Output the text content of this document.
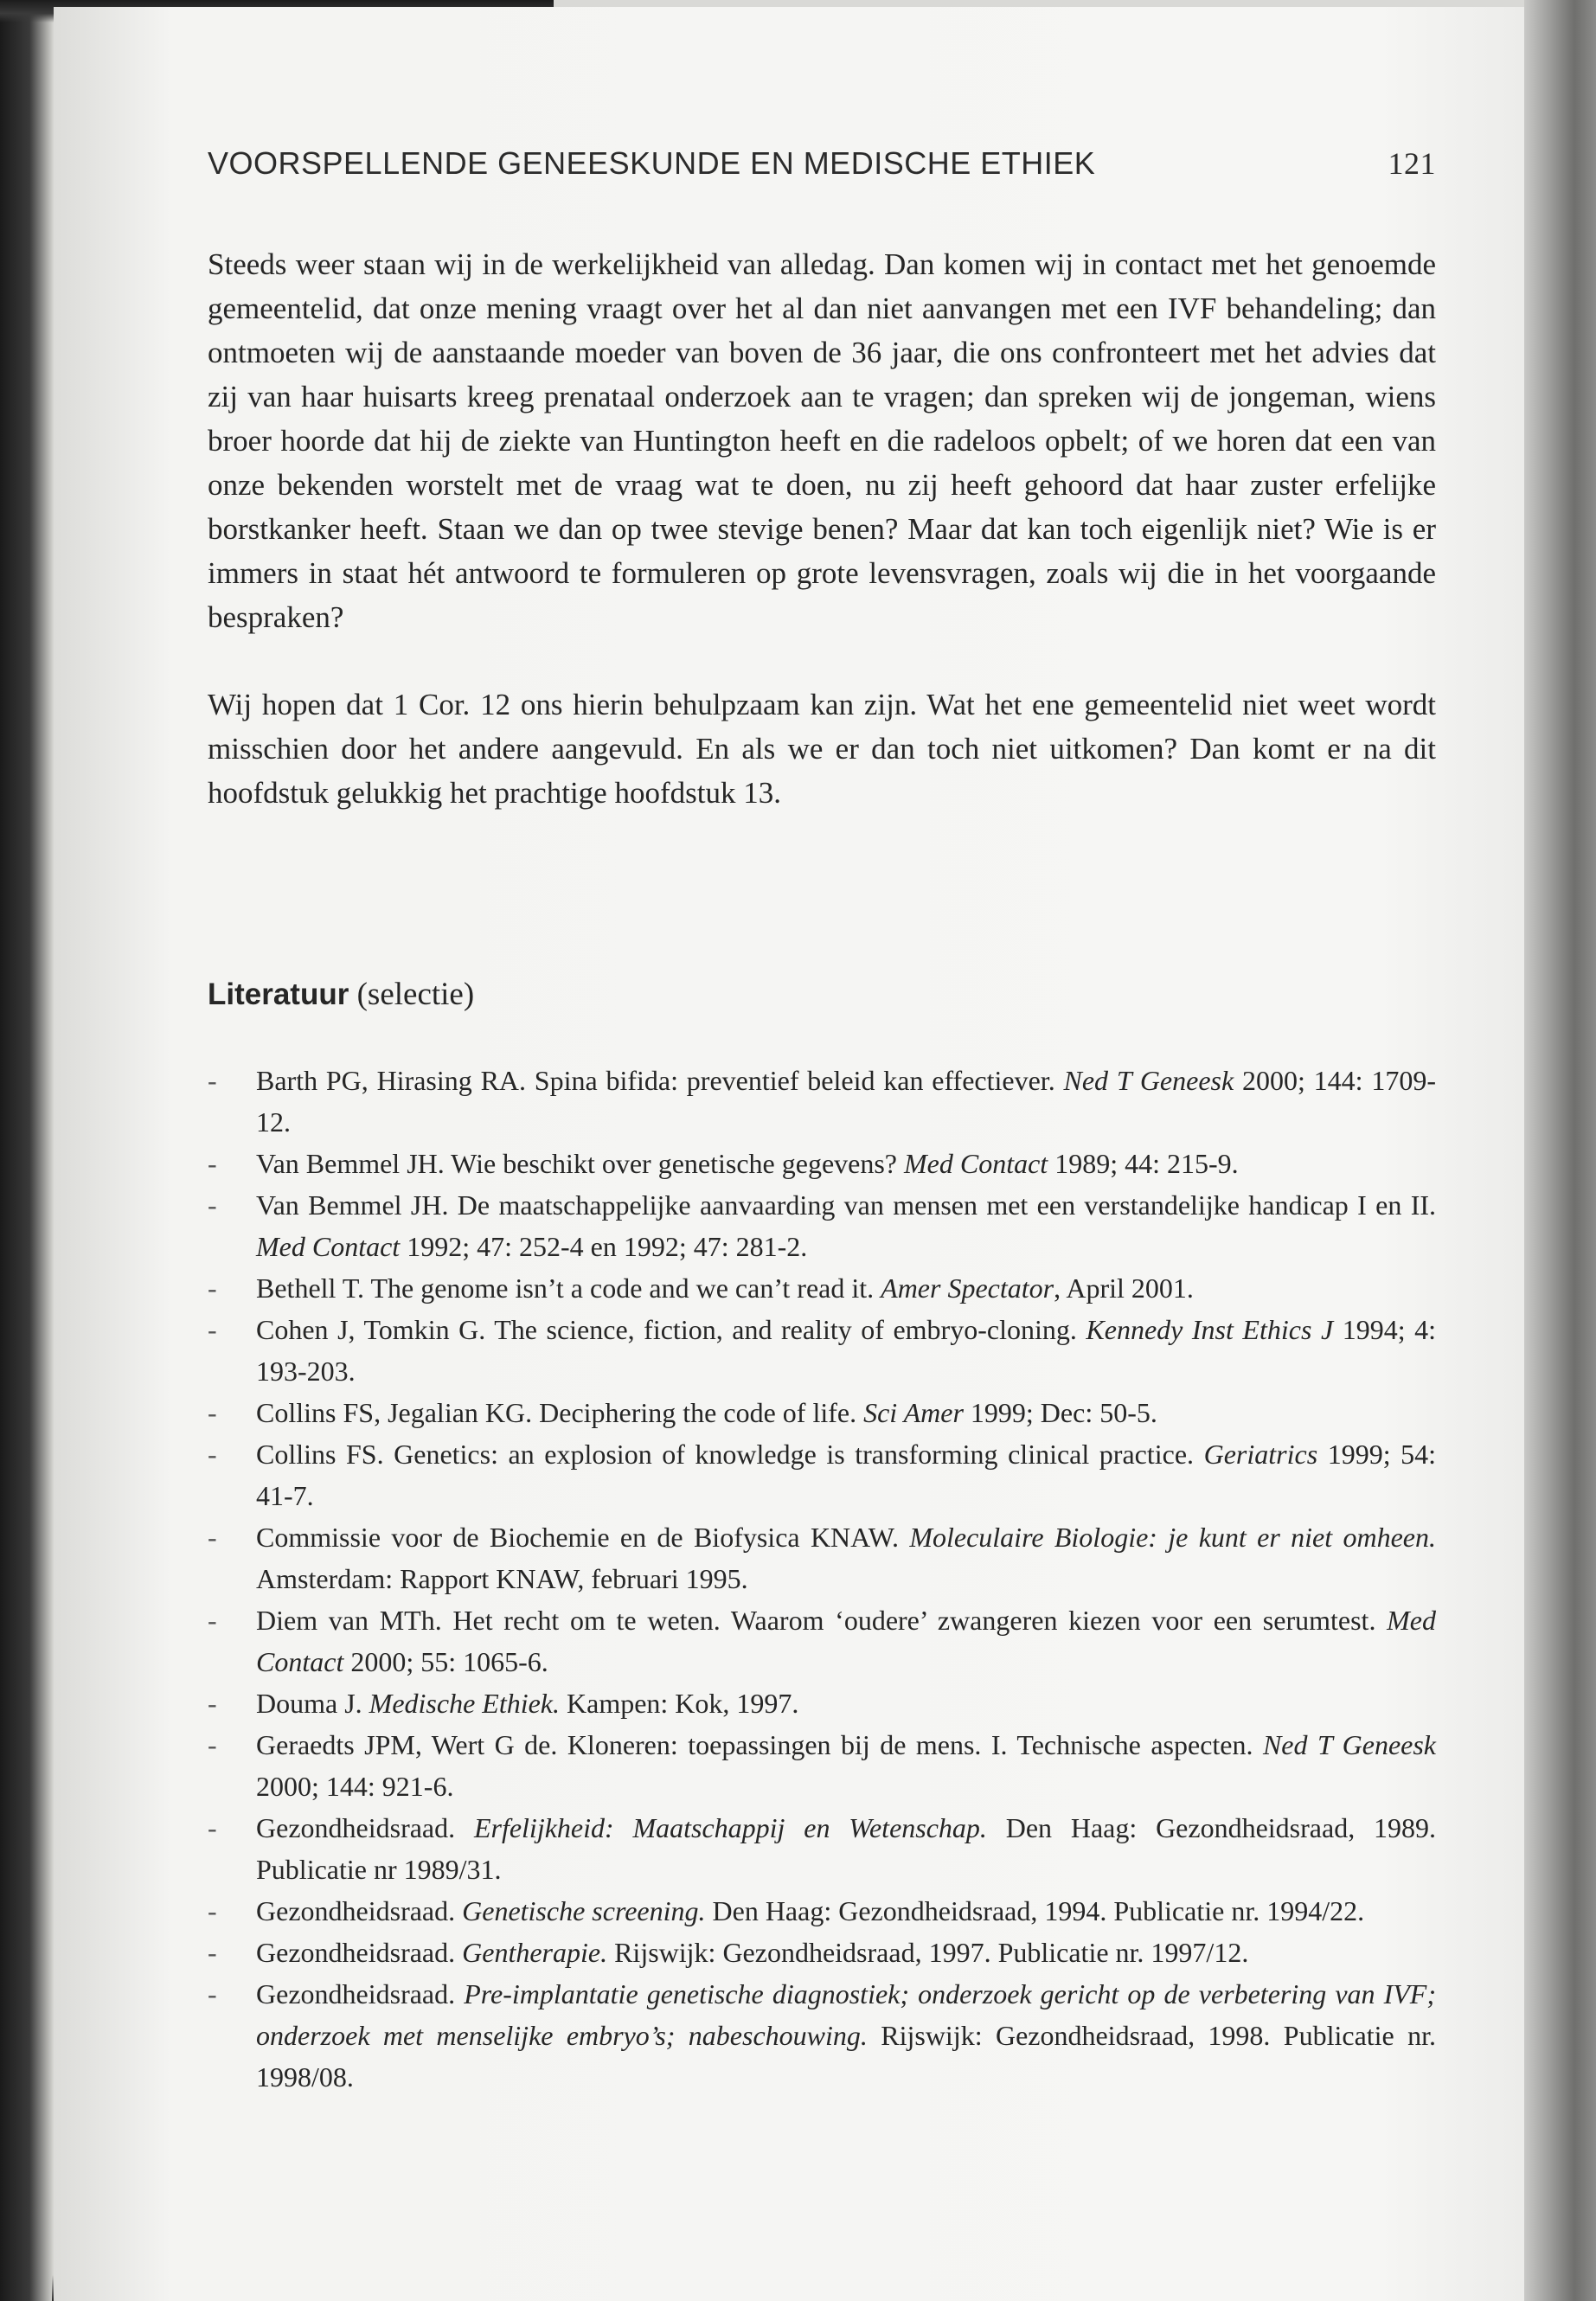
VOORSPELLENDE GENEESKUNDE EN MEDISCHE ETHIEK	121

Steeds weer staan wij in de werkelijkheid van alledag. Dan komen wij in contact met het genoemde gemeentelid, dat onze mening vraagt over het al dan niet aanvangen met een IVF behandeling; dan ontmoeten wij de aanstaande moeder van boven de 36 jaar, die ons confronteert met het advies dat zij van haar huisarts kreeg prenataal onderzoek aan te vragen; dan spreken wij de jongeman, wiens broer hoorde dat hij de ziekte van Huntington heeft en die radeloos opbelt; of we horen dat een van onze bekenden worstelt met de vraag wat te doen, nu zij heeft gehoord dat haar zuster erfelijke borstkanker heeft. Staan we dan op twee stevige benen? Maar dat kan toch eigenlijk niet? Wie is er immers in staat hét antwoord te formuleren op grote levensvragen, zoals wij die in het voorgaande bespraken?

Wij hopen dat 1 Cor. 12 ons hierin behulpzaam kan zijn. Wat het ene gemeentelid niet weet wordt misschien door het andere aangevuld. En als we er dan toch niet uitkomen? Dan komt er na dit hoofdstuk gelukkig het prachtige hoofdstuk 13.

Literatuur (selectie)
- Barth PG, Hirasing RA. Spina bifida: preventief beleid kan effectiever. Ned T Geneesk 2000; 144: 1709-12.
- Van Bemmel JH. Wie beschikt over genetische gegevens? Med Contact 1989; 44: 215-9.
- Van Bemmel JH. De maatschappelijke aanvaarding van mensen met een verstandelijke handicap I en II. Med Contact 1992; 47: 252-4 en 1992; 47: 281-2.
- Bethell T. The genome isn’t a code and we can’t read it. Amer Spectator, April 2001.
- Cohen J, Tomkin G. The science, fiction, and reality of embryo-cloning. Kennedy Inst Ethics J 1994; 4: 193-203.
- Collins FS, Jegalian KG. Deciphering the code of life. Sci Amer 1999; Dec: 50-5.
- Collins FS. Genetics: an explosion of knowledge is transforming clinical practice. Geriatrics 1999; 54: 41-7.
- Commissie voor de Biochemie en de Biofysica KNAW. Moleculaire Biologie: je kunt er niet omheen. Amsterdam: Rapport KNAW, februari 1995.
- Diem van MTh. Het recht om te weten. Waarom ‘oudere’ zwangeren kiezen voor een serumtest. Med Contact 2000; 55: 1065-6.
- Douma J. Medische Ethiek. Kampen: Kok, 1997.
- Geraedts JPM, Wert G de. Kloneren: toepassingen bij de mens. I. Technische aspecten. Ned T Geneesk 2000; 144: 921-6.
- Gezondheidsraad. Erfelijkheid: Maatschappij en Wetenschap. Den Haag: Gezondheidsraad, 1989. Publicatie nr 1989/31.
- Gezondheidsraad. Genetische screening. Den Haag: Gezondheidsraad, 1994. Publicatie nr. 1994/22.
- Gezondheidsraad. Gentherapie. Rijswijk: Gezondheidsraad, 1997. Publicatie nr. 1997/12.
- Gezondheidsraad. Pre-implantatie genetische diagnostiek; onderzoek gericht op de verbetering van IVF; onderzoek met menselijke embryo’s; nabeschouwing. Rijswijk: Gezondheidsraad, 1998. Publicatie nr. 1998/08.
